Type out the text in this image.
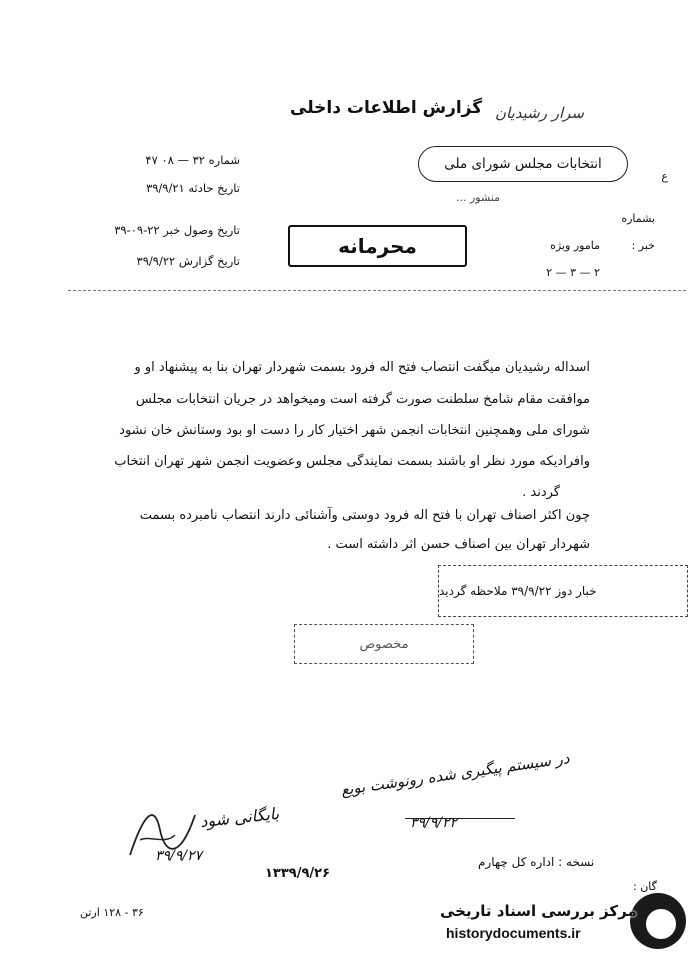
گزارش اطلاعات داخلی سرار رشیدیان
شماره ۳۲ — ۰۸ ۴۷
تاریخ حادثه ۳۹/۹/۲۱
تاریخ وصول خبر ۲۲-۰۹-۳۹
تاریخ گزارش ۳۹/۹/۲۲
ع
انتخابات مجلس شورای ملی
منشور ...
بشماره
خبر :
مامور ویژه
۲ — ۳ — ۲
محرمانه
اسداله رشیدیان میگفت انتصاب فتح اله فرود بسمت شهردار تهران بنا به پیشنهاد او و
موافقت مقام شامخ سلطنت صورت گرفته است ومیخواهد در جریان انتخابات مجلس
شورای ملی وهمچنین انتخابات انجمن شهر اختیار کار را دست او بود وستانش خان نشود
وافرادیکه مورد نظر او باشند بسمت نمایندگی مجلس وعضویت انجمن شهر تهران انتخاب
گردند .
چون اکثر اصناف تهران با فتح اله فرود دوستی وآشنائی دارند انتصاب نامبرده بسمت
شهردار تهران بین اصناف حسن اثر داشته است .
خبار دوز ۳۹/۹/۲۲ ملاحظه گردید
مخصوص
در سیستم پیگیری شده رونوشت بویع
۳۹/۹/۲۲
بایگانی شود
۳۹/۹/۲۷
۱۳۳۹/۹/۲۶
نسخه : اداره کل چهارم
گان :
۳۶ - ۱۲۸ ارتن	مرکز بررسی اسناد تاریخی
historydocuments.ir
